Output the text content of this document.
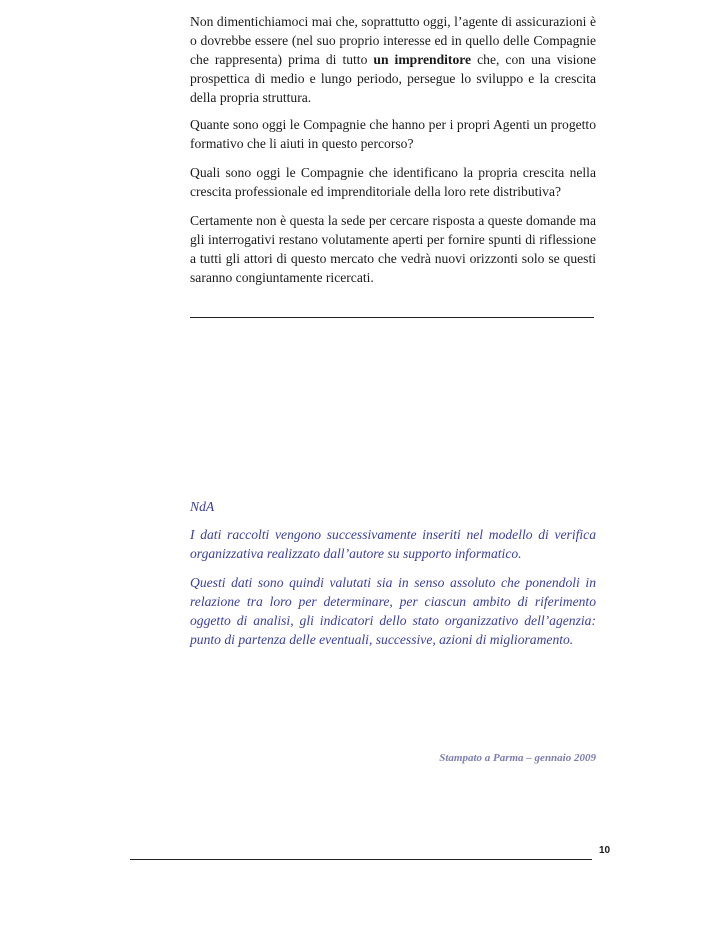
Non dimentichiamoci mai che, soprattutto oggi, l’agente di assicurazioni è o dovrebbe essere (nel suo proprio interesse ed in quello delle Compagnie che rappresenta) prima di tutto un imprenditore che, con una visione prospettica di medio e lungo periodo, persegue lo sviluppo e la crescita della propria struttura.

Quante sono oggi le Compagnie che hanno per i propri Agenti un progetto formativo che li aiuti in questo percorso?

Quali sono oggi le Compagnie che identificano la propria crescita nella crescita professionale ed imprenditoriale della loro rete distributiva?

Certamente non è questa la sede per cercare risposta a queste domande ma gli interrogativi restano volutamente aperti per fornire spunti di riflessione a tutti gli attori di questo mercato che vedrà nuovi orizzonti solo se questi saranno congiuntamente ricercati.

NdA

I dati raccolti vengono successivamente inseriti nel modello di verifica organizzativa realizzato dall’autore su supporto informatico.

Questi dati sono quindi valutati sia in senso assoluto che ponendoli in relazione tra loro per determinare, per ciascun ambito di riferimento oggetto di analisi, gli indicatori dello stato organizzativo dell’agenzia: punto di partenza delle eventuali, successive, azioni di miglioramento.

Stampato a Parma – gennaio 2009
10
